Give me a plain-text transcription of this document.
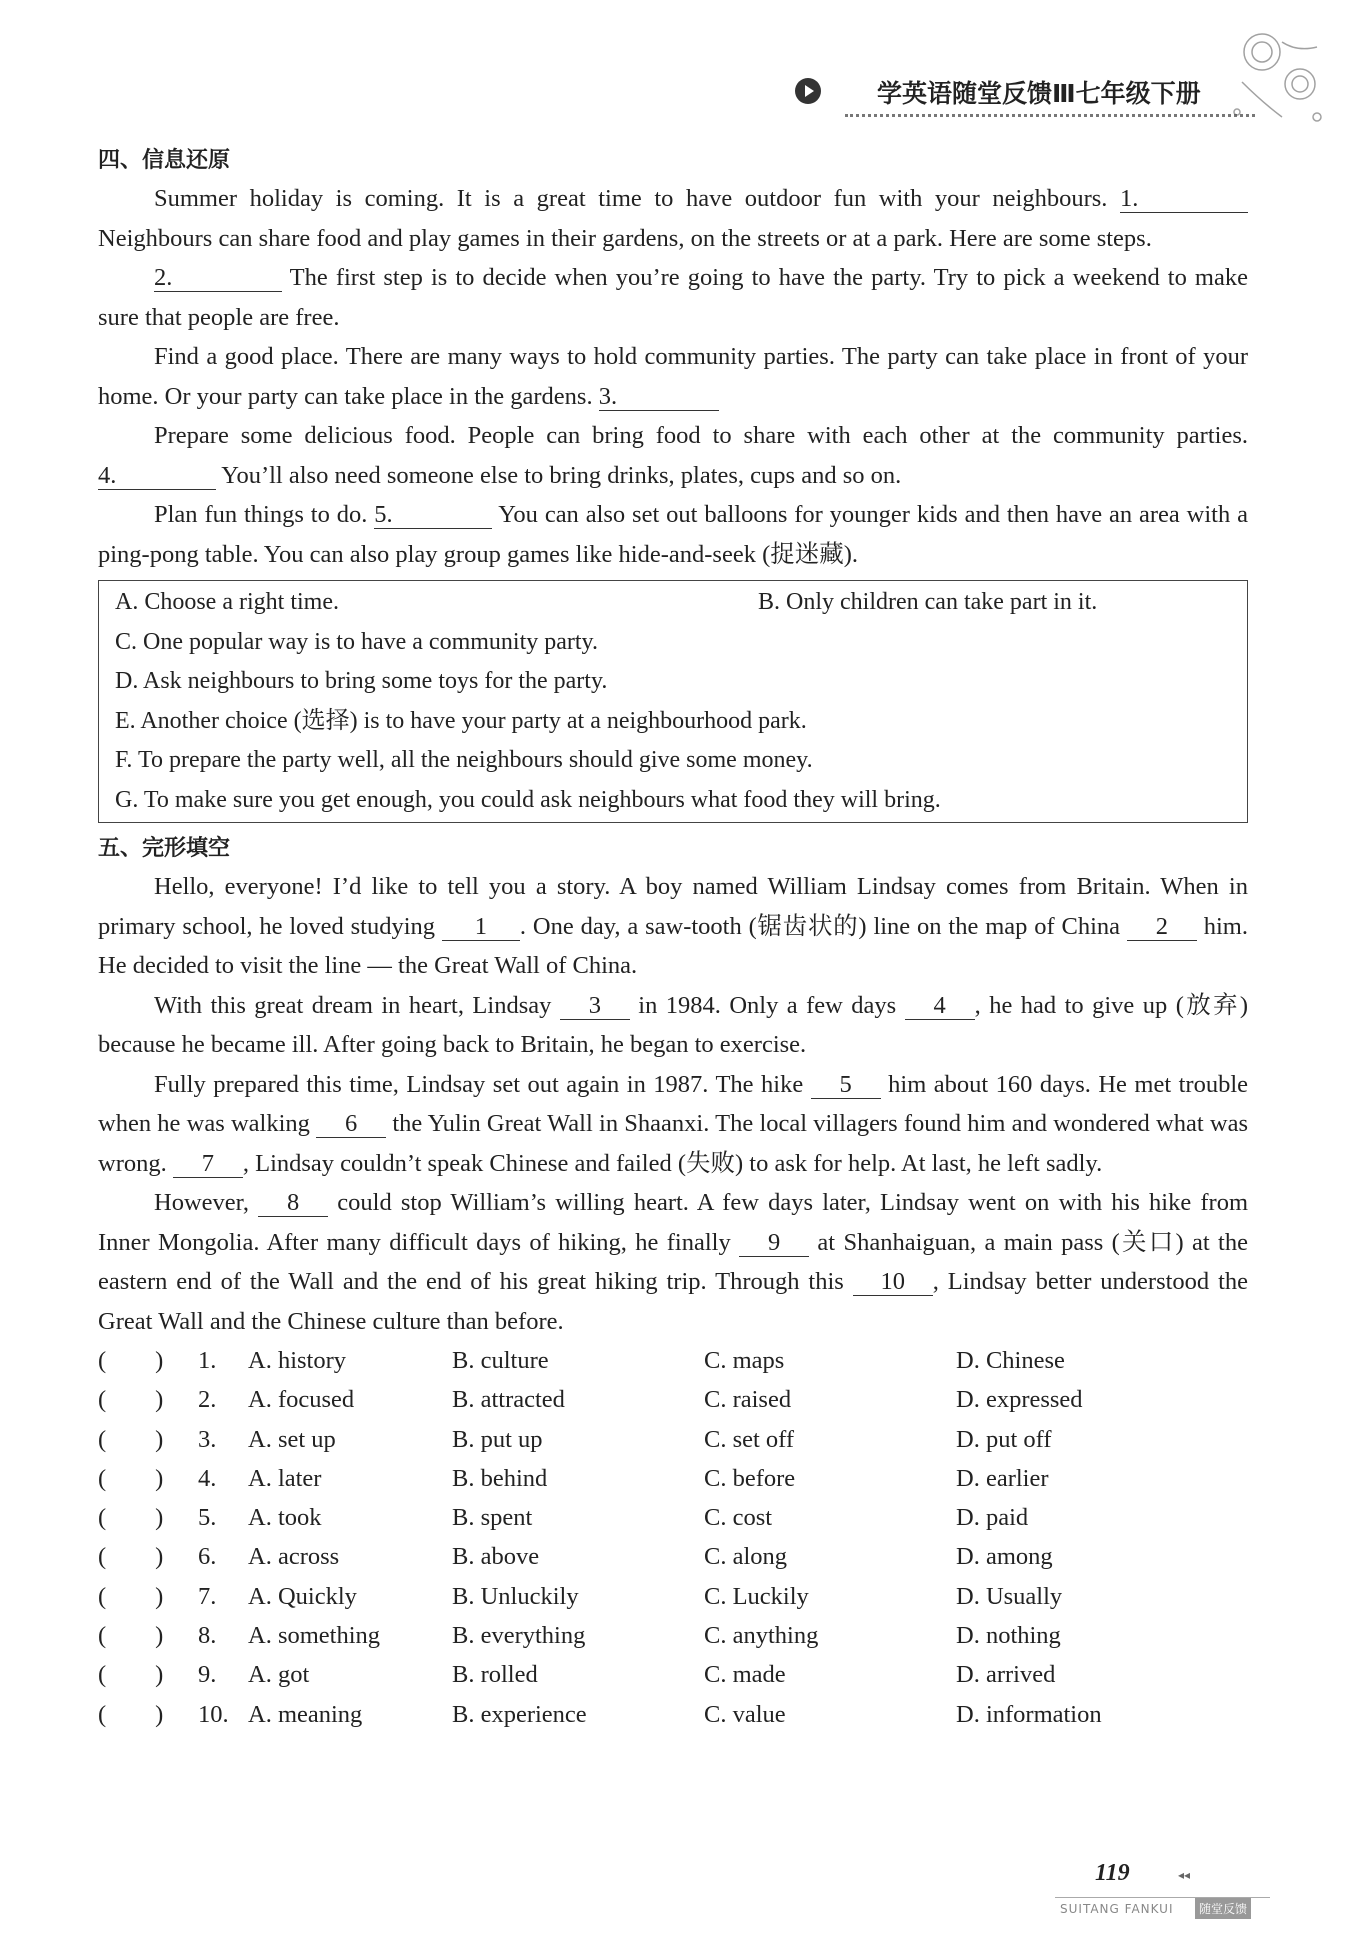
学英语随堂反馈Ⅲ七年级下册
四、信息还原
Summer holiday is coming. It is a great time to have outdoor fun with your neighbours. 1. Neighbours can share food and play games in their gardens, on the streets or at a park. Here are some steps.
2.	The first step is to decide when you’re going to have the party. Try to pick a weekend to make sure that people are free.
Find a good place. There are many ways to hold community parties. The party can take place in front of your home. Or your party can take place in the gardens. 3.
Prepare some delicious food. People can bring food to share with each other at the community parties. 4.	You’ll also need someone else to bring drinks, plates, cups and so on.
Plan fun things to do. 5.	You can also set out balloons for younger kids and then have an area with a ping-pong table. You can also play group games like hide-and-seek (捉迷藏).
A. Choose a right time.	B. Only children can take part in it.
C. One popular way is to have a community party.
D. Ask neighbours to bring some toys for the party.
E. Another choice (选择) is to have your party at a neighbourhood park.
F. To prepare the party well, all the neighbours should give some money.
G. To make sure you get enough, you could ask neighbours what food they will bring.
五、完形填空
Hello, everyone! I’d like to tell you a story. A boy named William Lindsay comes from Britain. When in primary school, he loved studying 1 . One day, a saw-tooth (锯齿状的) line on the map of China 2 him. He decided to visit the line — the Great Wall of China.
With this great dream in heart, Lindsay 3 in 1984. Only a few days 4 , he had to give up (放弃) because he became ill. After going back to Britain, he began to exercise.
Fully prepared this time, Lindsay set out again in 1987. The hike 5 him about 160 days. He met trouble when he was walking 6 the Yulin Great Wall in Shaanxi. The local villagers found him and wondered what was wrong. 7 , Lindsay couldn’t speak Chinese and failed (失败) to ask for help. At last, he left sadly.
However, 8 could stop William’s willing heart. A few days later, Lindsay went on with his hike from Inner Mongolia. After many difficult days of hiking, he finally 9 at Shanhaiguan, a main pass (关口) at the eastern end of the Wall and the end of his great hiking trip. Through this 10 , Lindsay better understood the Great Wall and the Chinese culture than before.
(　　)	1.	A. history	B. culture	C. maps	D. Chinese
(　　)	2.	A. focused	B. attracted	C. raised	D. expressed
(　　)	3.	A. set up	B. put up	C. set off	D. put off
(　　)	4.	A. later	B. behind	C. before	D. earlier
(　　)	5.	A. took	B. spent	C. cost	D. paid
(　　)	6.	A. across	B. above	C. along	D. among
(　　)	7.	A. Quickly	B. Unluckily	C. Luckily	D. Usually
(　　)	8.	A. something	B. everything	C. anything	D. nothing
(　　)	9.	A. got	B. rolled	C. made	D. arrived
(　　)	10. A. meaning	B. experience	C. value	D. information
119	◂◂
SUITANG FANKUI	随堂反馈
